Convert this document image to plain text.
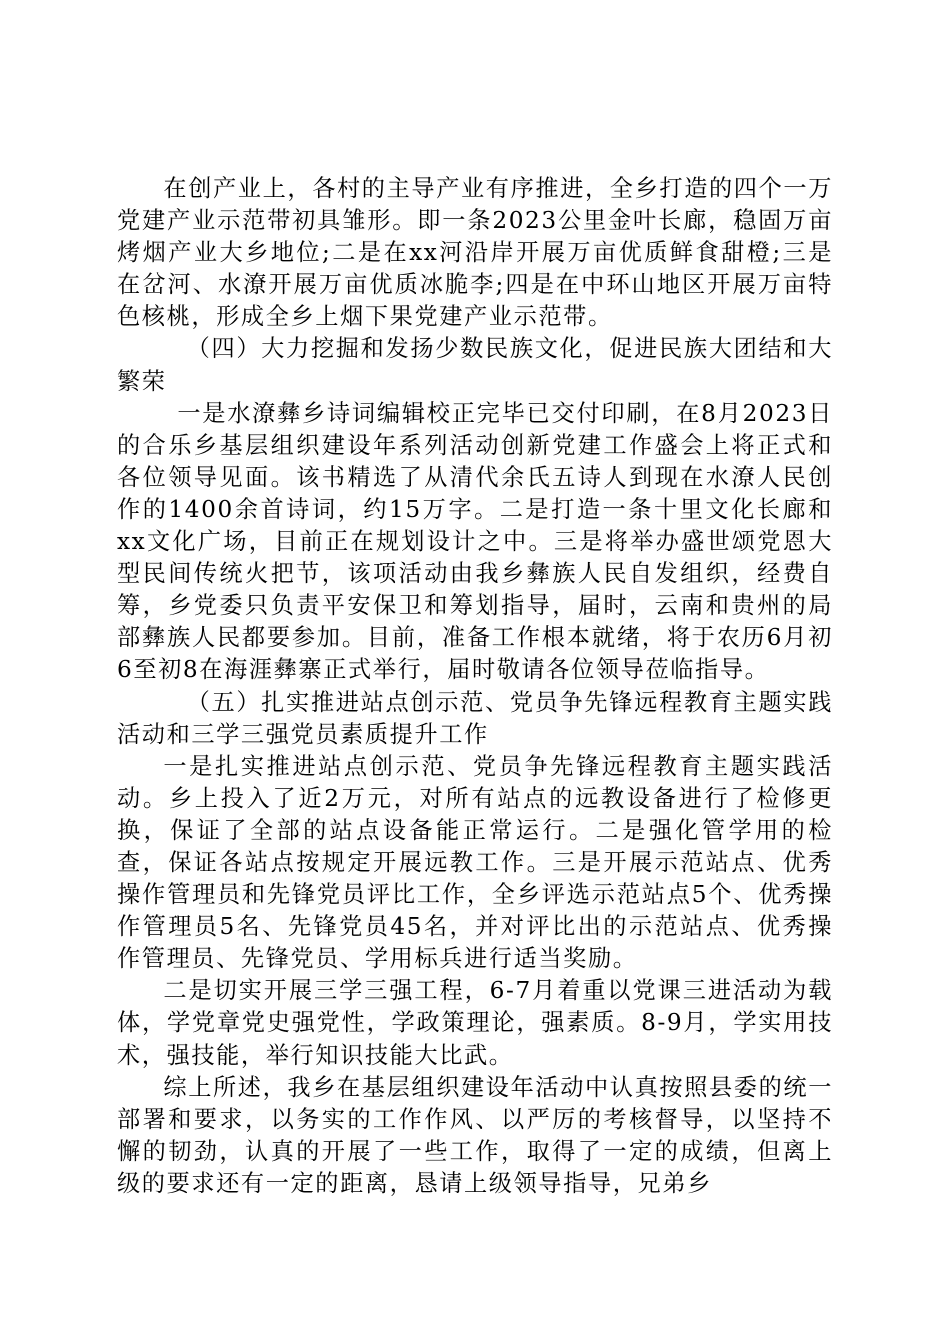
在创产业上，各村的主导产业有序推进，全乡打造的四个一万党建产业示范带初具雏形。即一条2023公里金叶长廊，稳固万亩烤烟产业大乡地位;二是在xx河沿岸开展万亩优质鲜食甜橙;三是在岔河、水潦开展万亩优质冰脆李;四是在中环山地区开展万亩特色核桃，形成全乡上烟下果党建产业示范带。

（四）大力挖掘和发扬少数民族文化，促进民族大团结和大繁荣

一是水潦彝乡诗词编辑校正完毕已交付印刷，在8月2023日的合乐乡基层组织建设年系列活动创新党建工作盛会上将正式和各位领导见面。该书精选了从清代余氏五诗人到现在水潦人民创作的1400余首诗词，约15万字。二是打造一条十里文化长廊和xx文化广场，目前正在规划设计之中。三是将举办盛世颂党恩大型民间传统火把节，该项活动由我乡彝族人民自发组织，经费自筹，乡党委只负责平安保卫和筹划指导，届时，云南和贵州的局部彝族人民都要参加。目前，准备工作根本就绪，将于农历6月初6至初8在海涯彝寨正式举行，届时敬请各位领导莅临指导。

（五）扎实推进站点创示范、党员争先锋远程教育主题实践活动和三学三强党员素质提升工作

一是扎实推进站点创示范、党员争先锋远程教育主题实践活动。乡上投入了近2万元，对所有站点的远教设备进行了检修更换，保证了全部的站点设备能正常运行。二是强化管学用的检查，保证各站点按规定开展远教工作。三是开展示范站点、优秀操作管理员和先锋党员评比工作，全乡评选示范站点5个、优秀操作管理员5名、先锋党员45名，并对评比出的示范站点、优秀操作管理员、先锋党员、学用标兵进行适当奖励。

二是切实开展三学三强工程，6-7月着重以党课三进活动为载体，学党章党史强党性，学政策理论，强素质。8-9月，学实用技术，强技能，举行知识技能大比武。

综上所述，我乡在基层组织建设年活动中认真按照县委的统一部署和要求，以务实的工作作风、以严厉的考核督导，以坚持不懈的韧劲，认真的开展了一些工作，取得了一定的成绩，但离上级的要求还有一定的距离，恳请上级领导指导，兄弟乡
